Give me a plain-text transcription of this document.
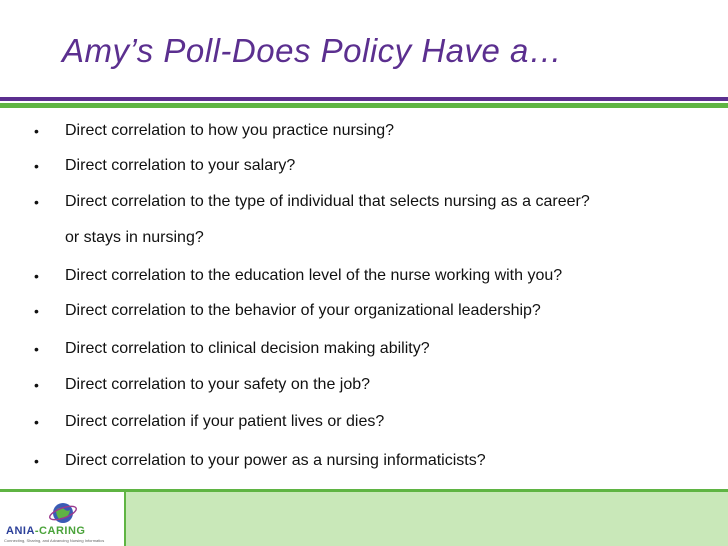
Amy’s Poll-Does Policy Have a…
• Direct correlation to how you practice nursing?
• Direct correlation to your salary?
• Direct correlation to the type of individual that selects nursing as a career?
or stays in nursing?
• Direct correlation to the education level of the nurse working with you?
• Direct correlation to the behavior of your organizational leadership?
• Direct correlation to clinical decision making ability?
• Direct correlation to your safety on the job?
• Direct correlation if your patient lives or dies?
• Direct correlation to your power as a nursing informaticists?
ANIA-CARING
Connecting, Sharing, and Advancing Nursing Informatics
